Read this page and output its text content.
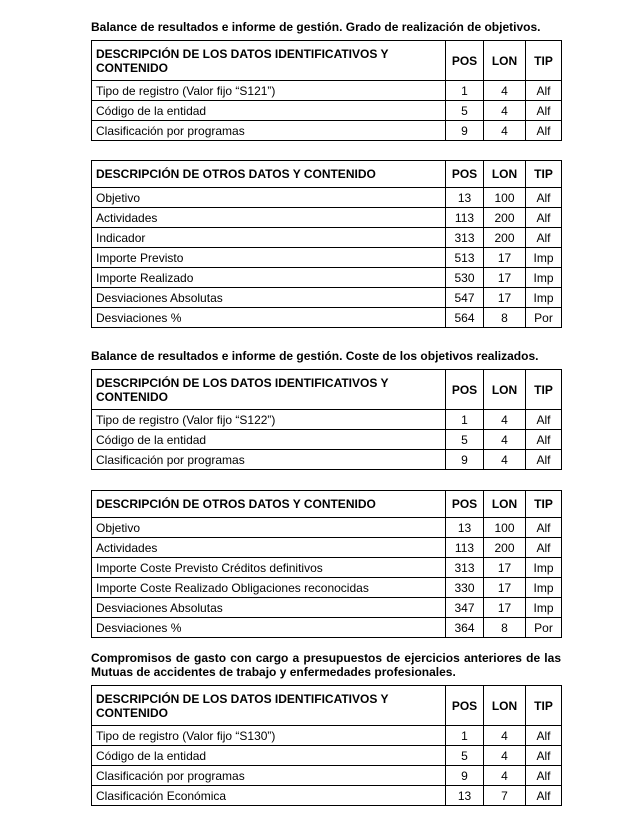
Balance de resultados e informe de gestión. Grado de realización de objetivos.
DESCRIPCIÓN DE LOS DATOS IDENTIFICATIVOS Y CONTENIDO	POS	LON	TIP
Tipo de registro (Valor fijo “S121”)	1	4	Alf
Código de la entidad	5	4	Alf
Clasificación por programas	9	4	Alf
DESCRIPCIÓN DE OTROS DATOS Y CONTENIDO	POS	LON	TIP
Objetivo	13	100	Alf
Actividades	113	200	Alf
Indicador	313	200	Alf
Importe Previsto	513	17	Imp
Importe Realizado	530	17	Imp
Desviaciones Absolutas	547	17	Imp
Desviaciones %	564	8	Por
Balance de resultados e informe de gestión. Coste de los objetivos realizados.
DESCRIPCIÓN DE LOS DATOS IDENTIFICATIVOS Y CONTENIDO	POS	LON	TIP
Tipo de registro (Valor fijo “S122”)	1	4	Alf
Código de la entidad	5	4	Alf
Clasificación por programas	9	4	Alf
DESCRIPCIÓN DE OTROS DATOS Y CONTENIDO	POS	LON	TIP
Objetivo	13	100	Alf
Actividades	113	200	Alf
Importe Coste Previsto Créditos definitivos	313	17	Imp
Importe Coste Realizado Obligaciones reconocidas	330	17	Imp
Desviaciones Absolutas	347	17	Imp
Desviaciones %	364	8	Por
Compromisos de gasto con cargo a presupuestos de ejercicios anteriores de las Mutuas de accidentes de trabajo y enfermedades profesionales.
DESCRIPCIÓN DE LOS DATOS IDENTIFICATIVOS Y CONTENIDO	POS	LON	TIP
Tipo de registro (Valor fijo “S130”)	1	4	Alf
Código de la entidad	5	4	Alf
Clasificación por programas	9	4	Alf
Clasificación Económica	13	7	Alf
